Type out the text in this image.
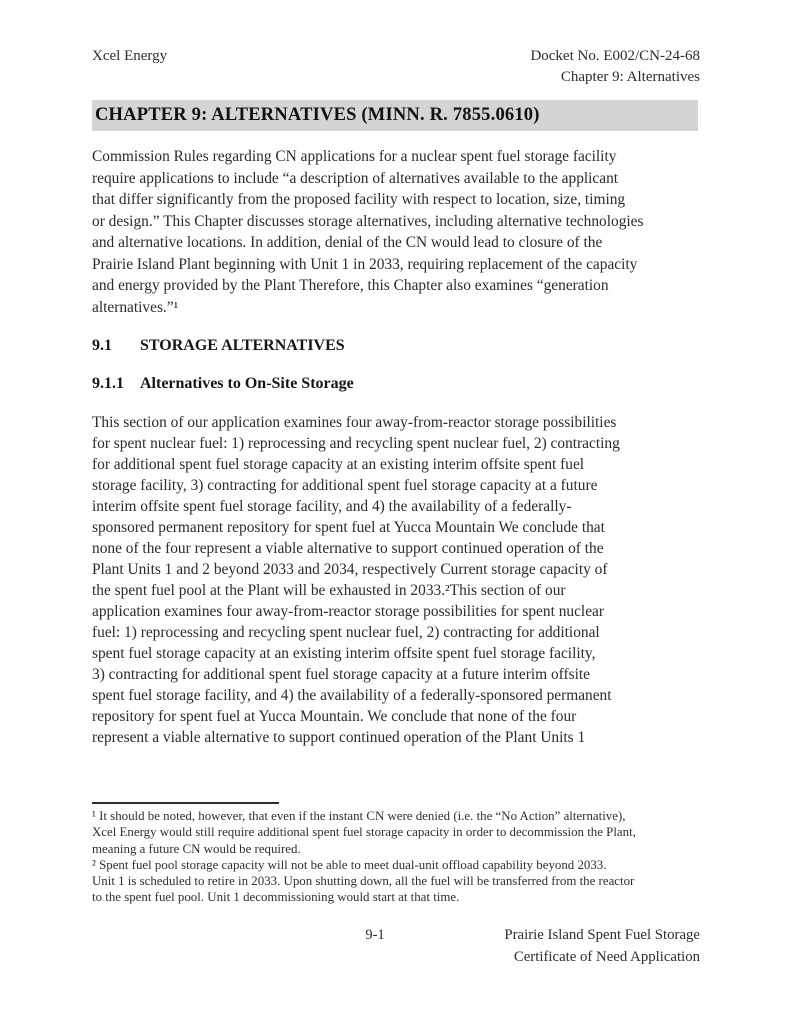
Xcel Energy	Docket No. E002/CN-24-68
Chapter 9: Alternatives
CHAPTER 9: ALTERNATIVES (MINN. R. 7855.0610)
Commission Rules regarding CN applications for a nuclear spent fuel storage facility
require applications to include “a description of alternatives available to the applicant
that differ significantly from the proposed facility with respect to location, size, timing
or design.” This Chapter discusses storage alternatives, including alternative technologies
and alternative locations. In addition, denial of the CN would lead to closure of the
Prairie Island Plant beginning with Unit 1 in 2033, requiring replacement of the capacity
and energy provided by the Plant Therefore, this Chapter also examines “generation
alternatives.”¹
9.1 STORAGE ALTERNATIVES
9.1.1 Alternatives to On-Site Storage
This section of our application examines four away-from-reactor storage possibilities
for spent nuclear fuel: 1) reprocessing and recycling spent nuclear fuel, 2) contracting
for additional spent fuel storage capacity at an existing interim offsite spent fuel
storage facility, 3) contracting for additional spent fuel storage capacity at a future
interim offsite spent fuel storage facility, and 4) the availability of a federally-
sponsored permanent repository for spent fuel at Yucca Mountain We conclude that
none of the four represent a viable alternative to support continued operation of the
Plant Units 1 and 2 beyond 2033 and 2034, respectively Current storage capacity of
the spent fuel pool at the Plant will be exhausted in 2033.²This section of our
application examines four away-from-reactor storage possibilities for spent nuclear
fuel: 1) reprocessing and recycling spent nuclear fuel, 2) contracting for additional
spent fuel storage capacity at an existing interim offsite spent fuel storage facility,
3) contracting for additional spent fuel storage capacity at a future interim offsite
spent fuel storage facility, and 4) the availability of a federally-sponsored permanent
repository for spent fuel at Yucca Mountain. We conclude that none of the four
represent a viable alternative to support continued operation of the Plant Units 1
¹ It should be noted, however, that even if the instant CN were denied (i.e. the “No Action” alternative),
Xcel Energy would still require additional spent fuel storage capacity in order to decommission the Plant,
meaning a future CN would be required.
² Spent fuel pool storage capacity will not be able to meet dual-unit offload capability beyond 2033.
Unit 1 is scheduled to retire in 2033. Upon shutting down, all the fuel will be transferred from the reactor
to the spent fuel pool. Unit 1 decommissioning would start at that time.
9-1	Prairie Island Spent Fuel Storage
Certificate of Need Application
